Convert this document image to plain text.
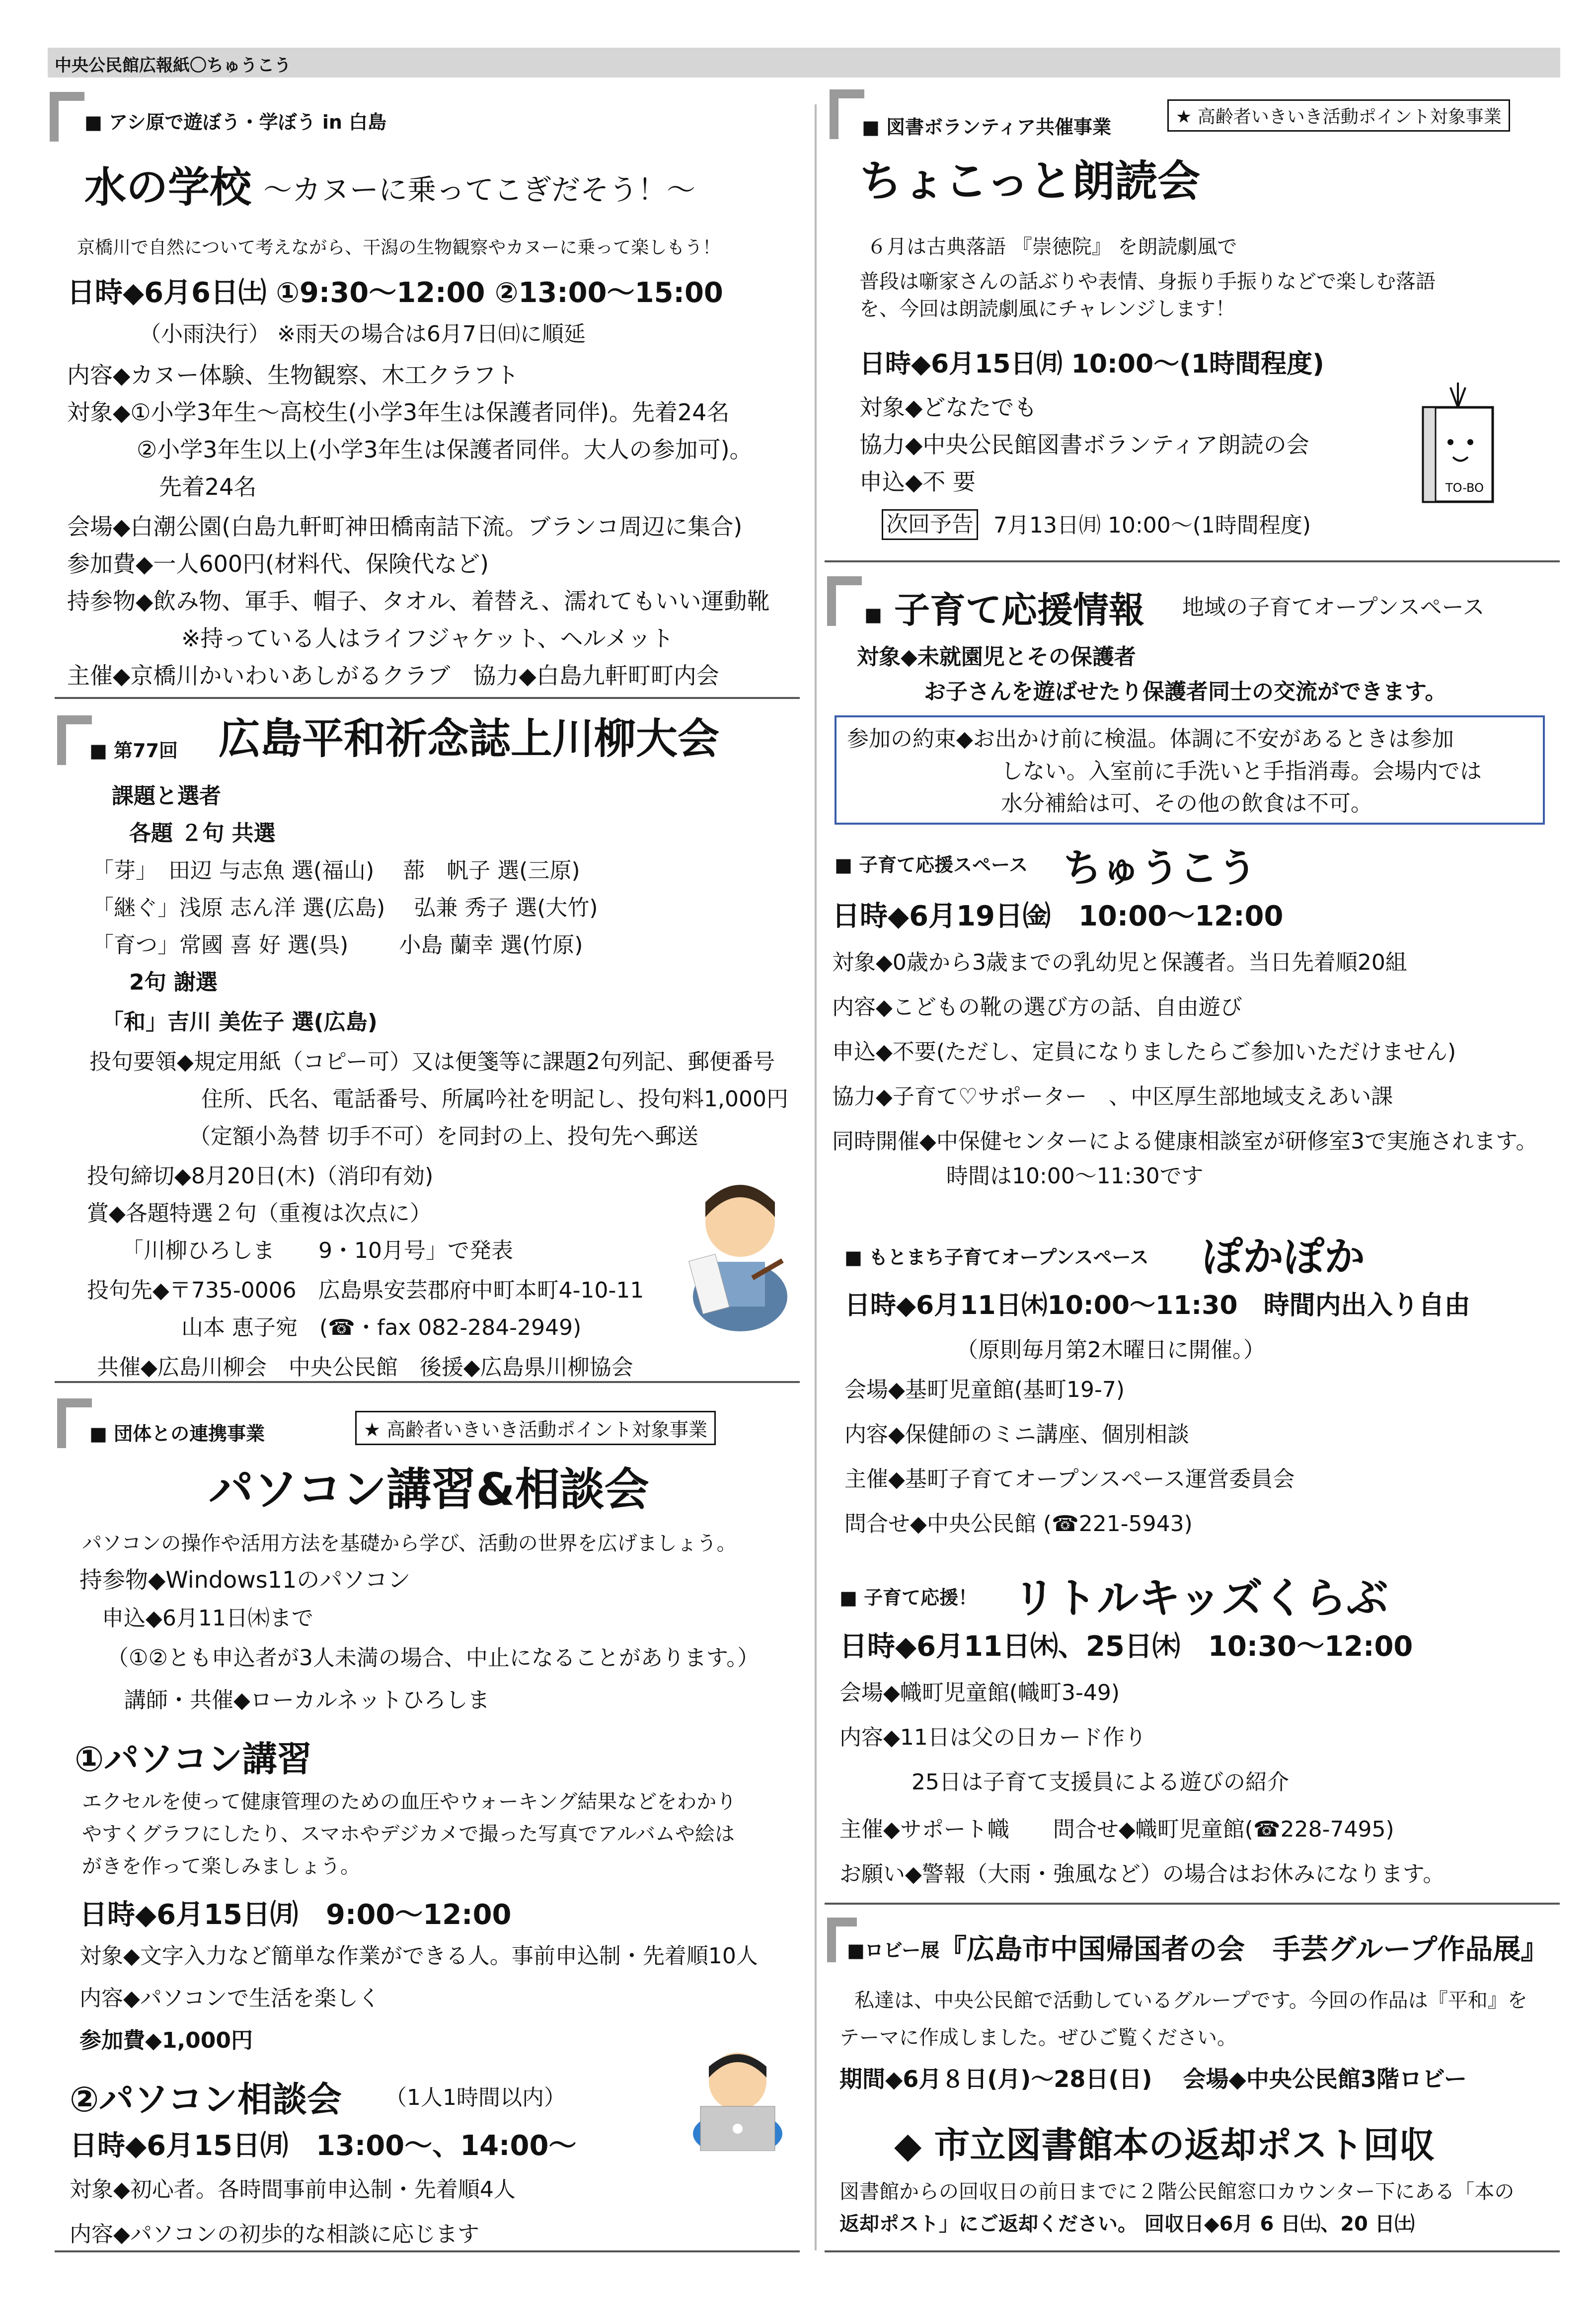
中央公民館広報紙〇ちゅうこう
■ アシ原で遊ぼう・学ぼう in 白島
水の学校 ～カヌーに乗ってこぎだそう！～
京橋川で自然について考えながら、干潟の生物観察やカヌーに乗って楽しもう！
日時◆6月6日㈯ ①9:30～12:00 ②13:00～15:00
（小雨決行） ※雨天の場合は6月7日㈰に順延
内容◆カヌー体験、生物観察、木工クラフト
対象◆①小学3年生～高校生(小学3年生は保護者同伴)。先着24名
②小学3年生以上(小学3年生は保護者同伴。大人の参加可)。
先着24名
会場◆白潮公園(白島九軒町神田橋南詰下流。ブランコ周辺に集合)
参加費◆一人600円(材料代、保険代など)
持参物◆飲み物、軍手、帽子、タオル、着替え、濡れてもいい運動靴
※持っている人はライフジャケット、ヘルメット
主催◆京橋川かいわいあしがるクラブ　協力◆白島九軒町町内会
■ 第77回 広島平和祈念誌上川柳大会
課題と選者
各題 ２句 共選
「芽」　田辺 与志魚 選(福山)　 蔀　帆子 選(三原)
「継ぐ」浅原 志ん洋 選(広島)　 弘兼 秀子 選(大竹)
「育つ」常國 喜 好 選(呉)　　 小島 蘭幸 選(竹原)
2句 謝選
「和」吉川 美佐子 選(広島)
投句要領◆規定用紙（コピー可）又は便箋等に課題2句列記、郵便番号
住所、氏名、電話番号、所属吟社を明記し、投句料1,000円
（定額小為替 切手不可）を同封の上、投句先へ郵送
投句締切◆8月20日(木)（消印有効)
賞◆各題特選２句（重複は次点に）
「川柳ひろしま　　9・10月号」で発表
投句先◆〒735-0006　広島県安芸郡府中町本町4-10-11
山本 恵子宛　(☎・fax 082-284-2949)
共催◆広島川柳会　中央公民館　後援◆広島県川柳協会
■ 団体との連携事業	★ 高齢者いきいき活動ポイント対象事業
パソコン講習&相談会
パソコンの操作や活用方法を基礎から学び、活動の世界を広げましょう。
持参物◆Windows11のパソコン
申込◆6月11日㈭まで
（①②とも申込者が3人未満の場合、中止になることがあります。）
講師・共催◆ローカルネットひろしま
①パソコン講習
エクセルを使って健康管理のための血圧やウォーキング結果などをわかり
やすくグラフにしたり、スマホやデジカメで撮った写真でアルバムや絵は
がきを作って楽しみましょう。
日時◆6月15日㈪　9:00～12:00
対象◆文字入力など簡単な作業ができる人。事前申込制・先着順10人
内容◆パソコンで生活を楽しく
参加費◆1,000円
②パソコン相談会 （1人1時間以内）
日時◆6月15日㈪　13:00～、14:00～
対象◆初心者。各時間事前申込制・先着順4人
内容◆パソコンの初歩的な相談に応じます
■ 図書ボランティア共催事業	★ 高齢者いきいき活動ポイント対象事業
ちょこっと朗読会
６月は古典落語 『崇徳院』 を朗読劇風で
普段は噺家さんの話ぶりや表情、身振り手振りなどで楽しむ落語
を、今回は朗読劇風にチャレンジします！
日時◆6月15日㈪ 10:00～(1時間程度)
対象◆どなたでも
協力◆中央公民館図書ボランティア朗読の会
申込◆不 要
次回予告 7月13日㈪ 10:00～(1時間程度)
TO-BO
■ 子育て応援情報 地域の子育てオープンスペース
対象◆未就園児とその保護者
お子さんを遊ばせたり保護者同士の交流ができます。
参加の約束◆お出かけ前に検温。体調に不安があるときは参加
しない。入室前に手洗いと手指消毒。会場内では
水分補給は可、その他の飲食は不可。
■ 子育て応援スペース ちゅうこう
日時◆6月19日㈮　10:00～12:00
対象◆0歳から3歳までの乳幼児と保護者。当日先着順20組
内容◆こどもの靴の選び方の話、自由遊び
申込◆不要(ただし、定員になりましたらご参加いただけません)
協力◆子育て♡サポーター　、中区厚生部地域支えあい課
同時開催◆中保健センターによる健康相談室が研修室3で実施されます。
時間は10:00～11:30です
■ もとまち子育てオープンスペース ぽかぽか
日時◆6月11日㈭10:00～11:30　時間内出入り自由
（原則毎月第2木曜日に開催。）
会場◆基町児童館(基町19-7)
内容◆保健師のミニ講座、個別相談
主催◆基町子育てオープンスペース運営委員会
問合せ◆中央公民館 (☎221-5943)
■ 子育て応援！ リトルキッズくらぶ
日時◆6月11日㈭、25日㈭　10:30～12:00
会場◆幟町児童館(幟町3-49)
内容◆11日は父の日カード作り
25日は子育て支援員による遊びの紹介
主催◆サポート幟　　問合せ◆幟町児童館(☎228-7495)
お願い◆警報（大雨・強風など）の場合はお休みになります。
■ロビー展
『広島市中国帰国者の会　手芸グループ作品展』
私達は、中央公民館で活動しているグループです。今回の作品は『平和』を
テーマに作成しました。ぜひご覧ください。
期間◆6月８日(月)～28日(日)　 会場◆中央公民館3階ロビー
◆ 市立図書館本の返却ポスト回収
図書館からの回収日の前日までに２階公民館窓口カウンター下にある「本の
返却ポスト」にご返却ください。 回収日◆6月 6 日㈯、20 日㈯
